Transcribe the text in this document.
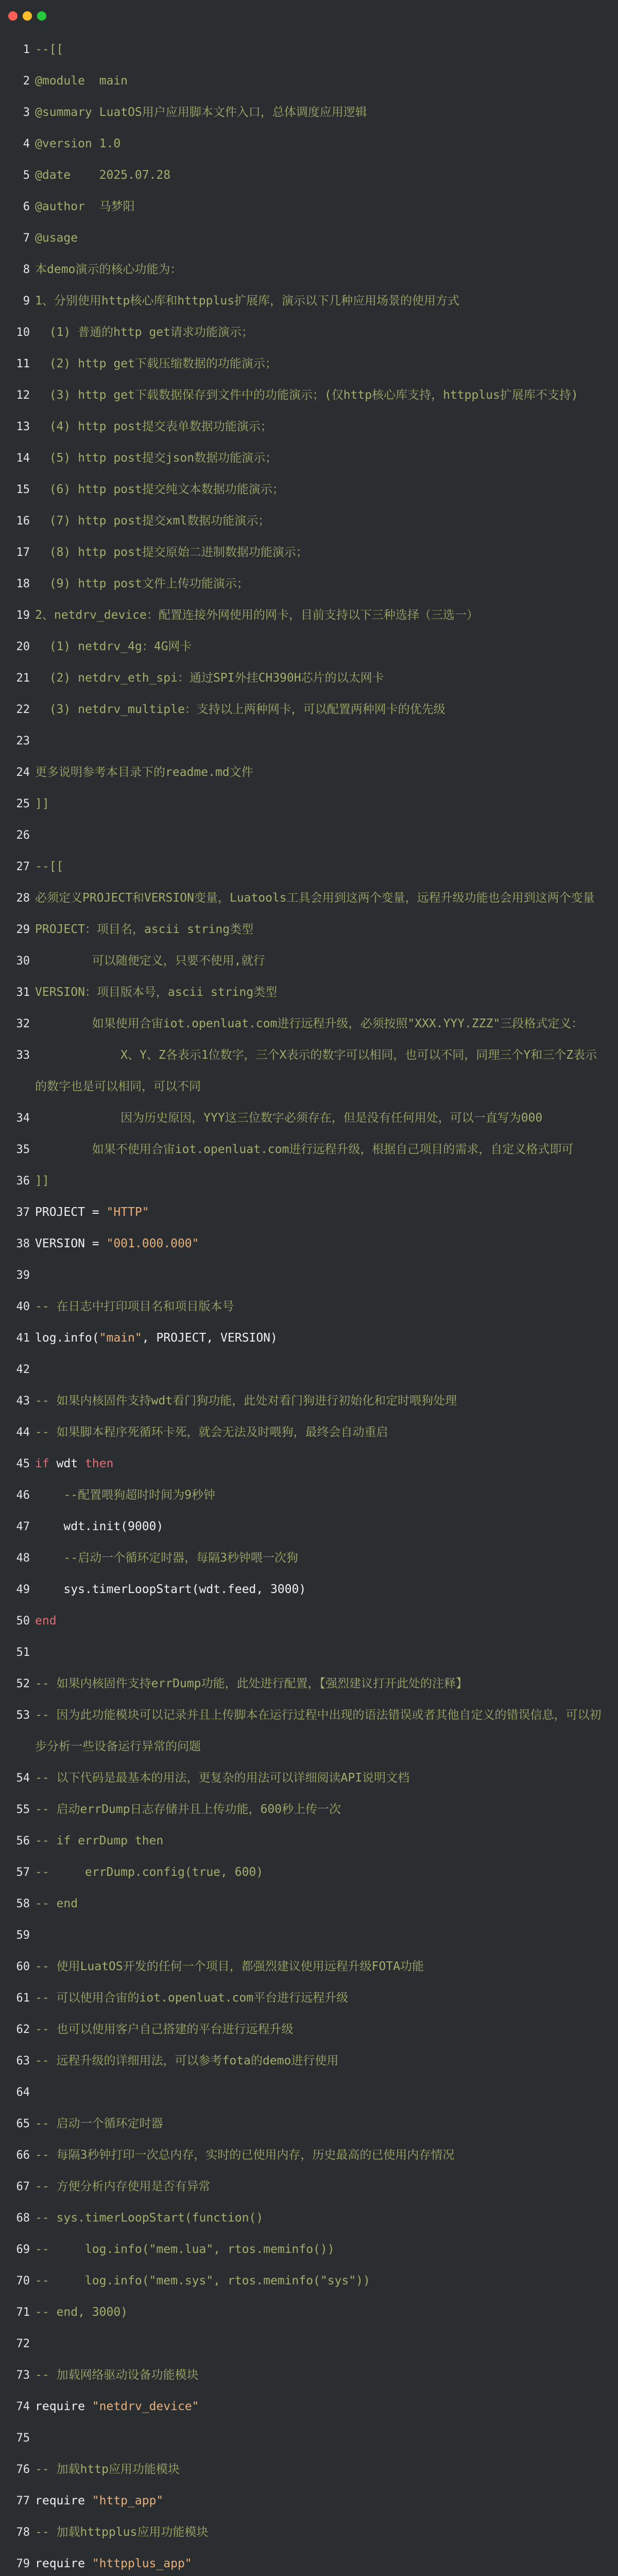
1 --[[
2 @module  main
3 @summary LuatOS用户应用脚本文件入口，总体调度应用逻辑
4 @version 1.0
5 @date    2025.07.28
6 @author  马梦阳
7 @usage
8 本demo演示的核心功能为：
9 1、分别使用http核心库和httpplus扩展库，演示以下几种应用场景的使用方式
10 (1) 普通的http get请求功能演示；
11 (2) http get下载压缩数据的功能演示；
12 (3) http get下载数据保存到文件中的功能演示；(仅http核心库支持，httpplus扩展库不支持)
13 (4) http post提交表单数据功能演示；
14 (5) http post提交json数据功能演示；
15 (6) http post提交纯文本数据功能演示；
16 (7) http post提交xml数据功能演示；
17 (8) http post提交原始二进制数据功能演示；
18 (9) http post文件上传功能演示；
19 2、netdrv_device：配置连接外网使用的网卡，目前支持以下三种选择（三选一）
20 (1) netdrv_4g：4G网卡
21 (2) netdrv_eth_spi：通过SPI外挂CH390H芯片的以太网卡
22 (3) netdrv_multiple：支持以上两种网卡，可以配置两种网卡的优先级
23
24 更多说明参考本目录下的readme.md文件
25 ]]
26
27 --[[
28 必须定义PROJECT和VERSION变量，Luatools工具会用到这两个变量，远程升级功能也会用到这两个变量
29 PROJECT：项目名，ascii string类型
30 可以随便定义，只要不使用,就行
31 VERSION：项目版本号，ascii string类型
32 如果使用合宙iot.openluat.com进行远程升级，必须按照"XXX.YYY.ZZZ"三段格式定义：
33 X、Y、Z各表示1位数字，三个X表示的数字可以相同，也可以不同，同理三个Y和三个Z表示的数字也是可以相同，可以不同
34 因为历史原因，YYY这三位数字必须存在，但是没有任何用处，可以一直写为000
35 如果不使用合宙iot.openluat.com进行远程升级，根据自己项目的需求，自定义格式即可
36 ]]
37 PROJECT = "HTTP"
38 VERSION = "001.000.000"
39
40 -- 在日志中打印项目名和项目版本号
41 log.info("main", PROJECT, VERSION)
42
43 -- 如果内核固件支持wdt看门狗功能，此处对看门狗进行初始化和定时喂狗处理
44 -- 如果脚本程序死循环卡死，就会无法及时喂狗，最终会自动重启
45 if wdt then
46 --配置喂狗超时时间为9秒钟
47 wdt.init(9000)
48 --启动一个循环定时器，每隔3秒钟喂一次狗
49 sys.timerLoopStart(wdt.feed, 3000)
50 end
51
52 -- 如果内核固件支持errDump功能，此处进行配置，【强烈建议打开此处的注释】
53 -- 因为此功能模块可以记录并且上传脚本在运行过程中出现的语法错误或者其他自定义的错误信息，可以初步分析一些设备运行异常的问题
54 -- 以下代码是最基本的用法，更复杂的用法可以详细阅读API说明文档
55 -- 启动errDump日志存储并且上传功能，600秒上传一次
56 -- if errDump then
57 --     errDump.config(true, 600)
58 -- end
59
60 -- 使用LuatOS开发的任何一个项目，都强烈建议使用远程升级FOTA功能
61 -- 可以使用合宙的iot.openluat.com平台进行远程升级
62 -- 也可以使用客户自己搭建的平台进行远程升级
63 -- 远程升级的详细用法，可以参考fota的demo进行使用
64
65 -- 启动一个循环定时器
66 -- 每隔3秒钟打印一次总内存，实时的已使用内存，历史最高的已使用内存情况
67 -- 方便分析内存使用是否有异常
68 -- sys.timerLoopStart(function()
69 --     log.info("mem.lua", rtos.meminfo())
70 --     log.info("mem.sys", rtos.meminfo("sys"))
71 -- end, 3000)
72
73 -- 加载网络驱动设备功能模块
74 require "netdrv_device"
75
76 -- 加载http应用功能模块
77 require "http_app"
78 -- 加载httpplus应用功能模块
79 require "httpplus_app"
